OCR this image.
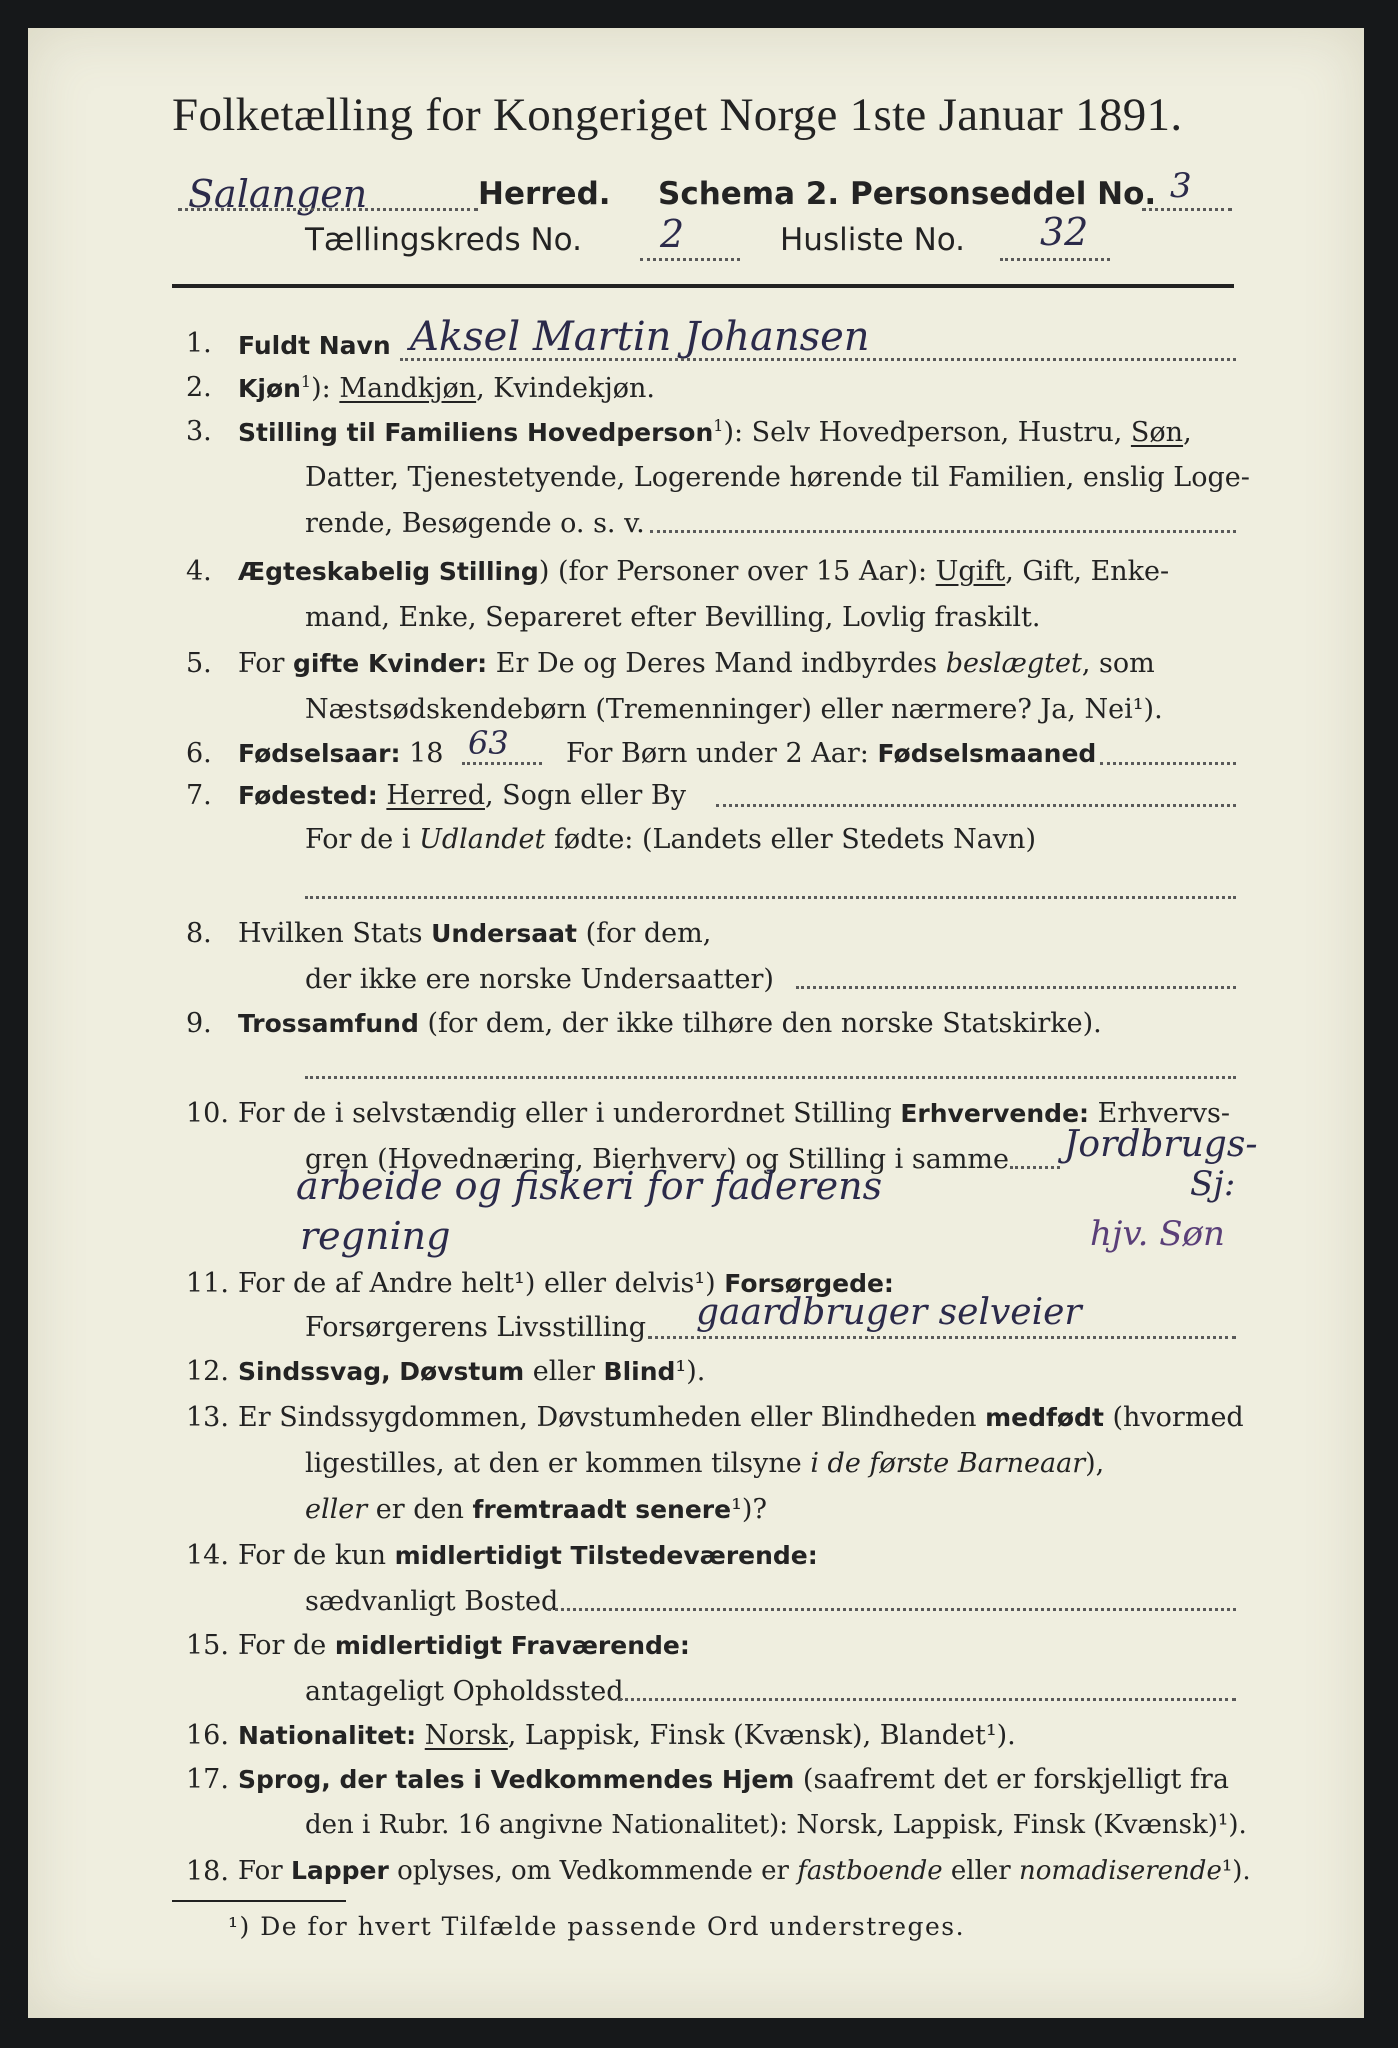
Folketælling for Kongeriget Norge 1ste Januar 1891.
Salangen	Herred. Schema 2. Personseddel No. 3
Tællingskreds No. 2	Husliste No. 32
1. Fuldt Navn Aksel Martin Johansen
2. Kjøn$^1$): Mandkjøn, Kvindekjøn.
3. Stilling til Familiens Hovedperson$^1$): Selv Hovedperson, Hustru, Søn,
Datter, Tjenestetyende, Logerende hørende til Familien, enslig Loge-
rende, Besøgende o. s. v.
4. Ægteskabelig Stilling) (for Personer over 15 Aar): Ugift, Gift, Enke-
mand, Enke, Separeret efter Bevilling, Lovlig fraskilt.
5. For gifte Kvinder: Er De og Deres Mand indbyrdes beslægtet, som
Næstsødskendebørn (Tremenninger) eller nærmere? Ja, Nei¹).
6. Fødselsaar: 18 63 For Børn under 2 Aar: Fødselsmaaned
7. Fødested: Herred, Sogn eller By
For de i Udlandet fødte: (Landets eller Stedets Navn)
8. Hvilken Stats Undersaat (for dem,
der ikke ere norske Undersaatter)
9. Trossamfund (for dem, der ikke tilhøre den norske Statskirke).
10. For de i selvstændig eller i underordnet Stilling Erhvervende: Erhvervs-
gren (Hovednæring, Bierhverv) og Stilling i samme Jordbrugs-
arbeide og fiskeri for faderens	Sj:
regning	hjv. Søn
11. For de af Andre helt¹) eller delvis¹) Forsørgede:
Forsørgerens Livsstilling gaardbruger selveier
12. Sindssvag, Døvstum eller Blind¹).
13. Er Sindssygdommen, Døvstumheden eller Blindheden medfødt (hvormed
ligestilles, at den er kommen tilsyne i de første Barneaar),
eller er den fremtraadt senere¹)?
14. For de kun midlertidigt Tilstedeværende:
sædvanligt Bosted
15. For de midlertidigt Fraværende:
antageligt Opholdssted
16. Nationalitet: Norsk, Lappisk, Finsk (Kvænsk), Blandet¹).
17. Sprog, der tales i Vedkommendes Hjem (saafremt det er forskjelligt fra
den i Rubr. 16 angivne Nationalitet): Norsk, Lappisk, Finsk (Kvænsk)¹).
18. For Lapper oplyses, om Vedkommende er fastboende eller nomadiserende¹).
¹) De for hvert Tilfælde passende Ord understreges.
